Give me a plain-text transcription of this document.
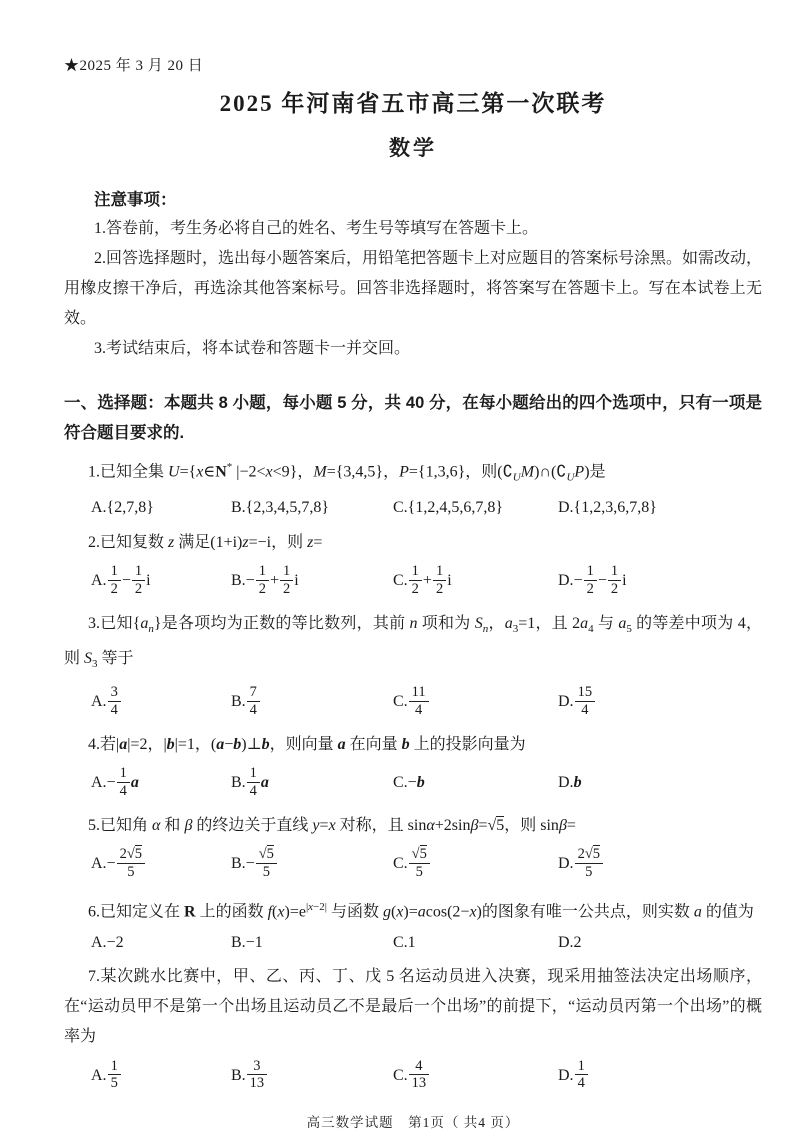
★2025 年 3 月 20 日
2025 年河南省五市高三第一次联考
数学
注意事项：

1.答卷前，考生务必将自己的姓名、考生号等填写在答题卡上。

2.回答选择题时，选出每小题答案后，用铅笔把答题卡上对应题目的答案标号涂黑。如需改动，用橡皮擦干净后，再选涂其他答案标号。回答非选择题时，将答案写在答题卡上。写在本试卷上无效。

3.考试结束后，将本试卷和答题卡一并交回。

一、选择题：本题共 8 小题，每小题 5 分，共 40 分，在每小题给出的四个选项中，只有一项是符合题目要求的.

1.已知全集 U={x∈N* |−2<x<9}，M={3,4,5}，P={1,3,6}，则$(∁_UM)\cap(∁_UP)$是

A.{2,7,8}	B.{2,3,4,5,7,8}	C.{1,2,4,5,6,7,8}	D.{1,2,3,6,7,8}

2.已知复数 z 满足(1+i)z=−i，则 z=

A. $\frac{1}{2} - \frac{1}{2}$ i	$B.- \frac{1}{2} + \frac{1}{2}$ i	C. $\frac{1}{2} + \frac{1}{2}$ i	$D.- \frac{1}{2} - \frac{1}{2}$ i

3.已知$\{a_n\}$是各项均为正数的等比数列，其前 n 项和为 $S_n$，$a_3=1$，且 $2a_4$ 与 $a_5$ 的等差中项为 4，则 $S_3$ 等于

A. $\frac{3}{4}$	B. $\frac{7}{4}$	C. $\frac{11}{4}$	D. $\frac{15}{4}$

4.若|a|=2，|b|=1，(a−b)⊥b，则向量 a 在向量 b 上的投影向量为

$A.- \frac{1}{4}$ a	B. $\frac{1}{4}$ a	C.−b	D.b

5.已知角 α 和 β 的终边关于直线 y=x 对称，且 sinα+2sinβ=√5，则 sinβ=

$A.- \frac{2√5}{5}$	$B.- \frac{√5}{5}$	C. $\frac{√5}{5}$	D. $\frac{2√5}{5}$

6.已知定义在 R 上的函数 $f(x)=e^{|x-2|}$ 与函数 g(x)=acos(2−x)的图象有唯一公共点，则实数 a 的值为

A.−2	B.−1	C.1	D.2

7.某次跳水比赛中，甲、乙、丙、丁、戊 5 名运动员进入决赛，现采用抽签法决定出场顺序，在“运动员甲不是第一个出场且运动员乙不是最后一个出场”的前提下，“运动员丙第一个出场”的概率为

A. $\frac{1}{5}$	B. $\frac{3}{13}$	C. $\frac{4}{13}$	D. $\frac{1}{4}$
高三数学试题　第1页（ 共4 页）
